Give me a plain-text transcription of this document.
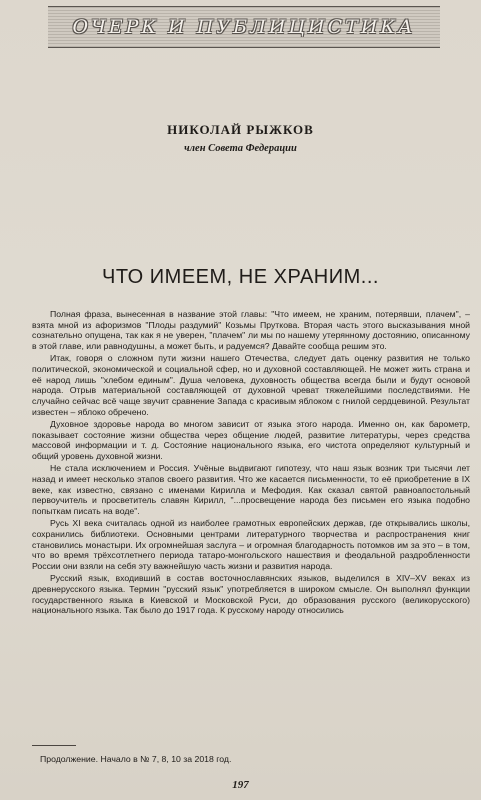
ОЧЕРК И ПУБЛИЦИСТИКА
НИКОЛАЙ РЫЖКОВ
член Совета Федерации
ЧТО ИМЕЕМ, НЕ ХРАНИМ...

Полная фраза, вынесенная в название этой главы: "Что имеем, не храним, потерявши, плачем", – взята мной из афоризмов "Плоды раздумий" Козьмы Пруткова. Вторая часть этого высказывания мной сознательно опущена, так как я не уверен, "плачем" ли мы по нашему утерянному достоянию, описанному в этой главе, или равнодушны, а может быть, и радуемся? Давайте сообща решим это.

Итак, говоря о сложном пути жизни нашего Отечества, следует дать оценку развития не только политической, экономической и социальной сфер, но и духовной составляющей. Не может жить страна и её народ лишь "хлебом единым". Душа человека, духовность общества всегда были и будут основой народа. Отрыв материальной составляющей от духовной чреват тяжелейшими последствиями. Не случайно сейчас всё чаще звучит сравнение Запада с красивым яблоком с гнилой сердцевиной. Результат известен – яблоко обречено.

Духовное здоровье народа во многом зависит от языка этого народа. Именно он, как барометр, показывает состояние жизни общества через общение людей, развитие литературы, через средства массовой информации и т. д. Состояние национального языка, его чистота определяют культурный и общий уровень духовной жизни.

Не стала исключением и Россия. Учёные выдвигают гипотезу, что наш язык возник три тысячи лет назад и имеет несколько этапов своего развития. Что же касается письменности, то её приобретение в IX веке, как известно, связано с именами Кирилла и Мефодия. Как сказал святой равноапостольный первоучитель и просветитель славян Кирилл, "...просвещение народа без письмен его языка подобно попыткам писать на воде".

Русь XI века считалась одной из наиболее грамотных европейских держав, где открывались школы, сохранились библиотеки. Основными центрами литературного творчества и распространения книг становились монастыри. Их огромнейшая заслуга – и огромная благодарность потомков им за это – в том, что во время трёхсотлетнего периода татаро-монгольского нашествия и феодальной раздробленности России они взяли на себя эту важнейшую часть жизни и развития народа.

Русский язык, входивший в состав восточнославянских языков, выделился в XIV–XV веках из древнерусского языка. Термин "русский язык" употребляется в широком смысле. Он выполнял функции государственного языка в Киевской и Московской Руси, до образования русского (великорусского) национального языка. Так было до 1917 года. К русскому народу относились

Продолжение. Начало в № 7, 8, 10 за 2018 год.
197
